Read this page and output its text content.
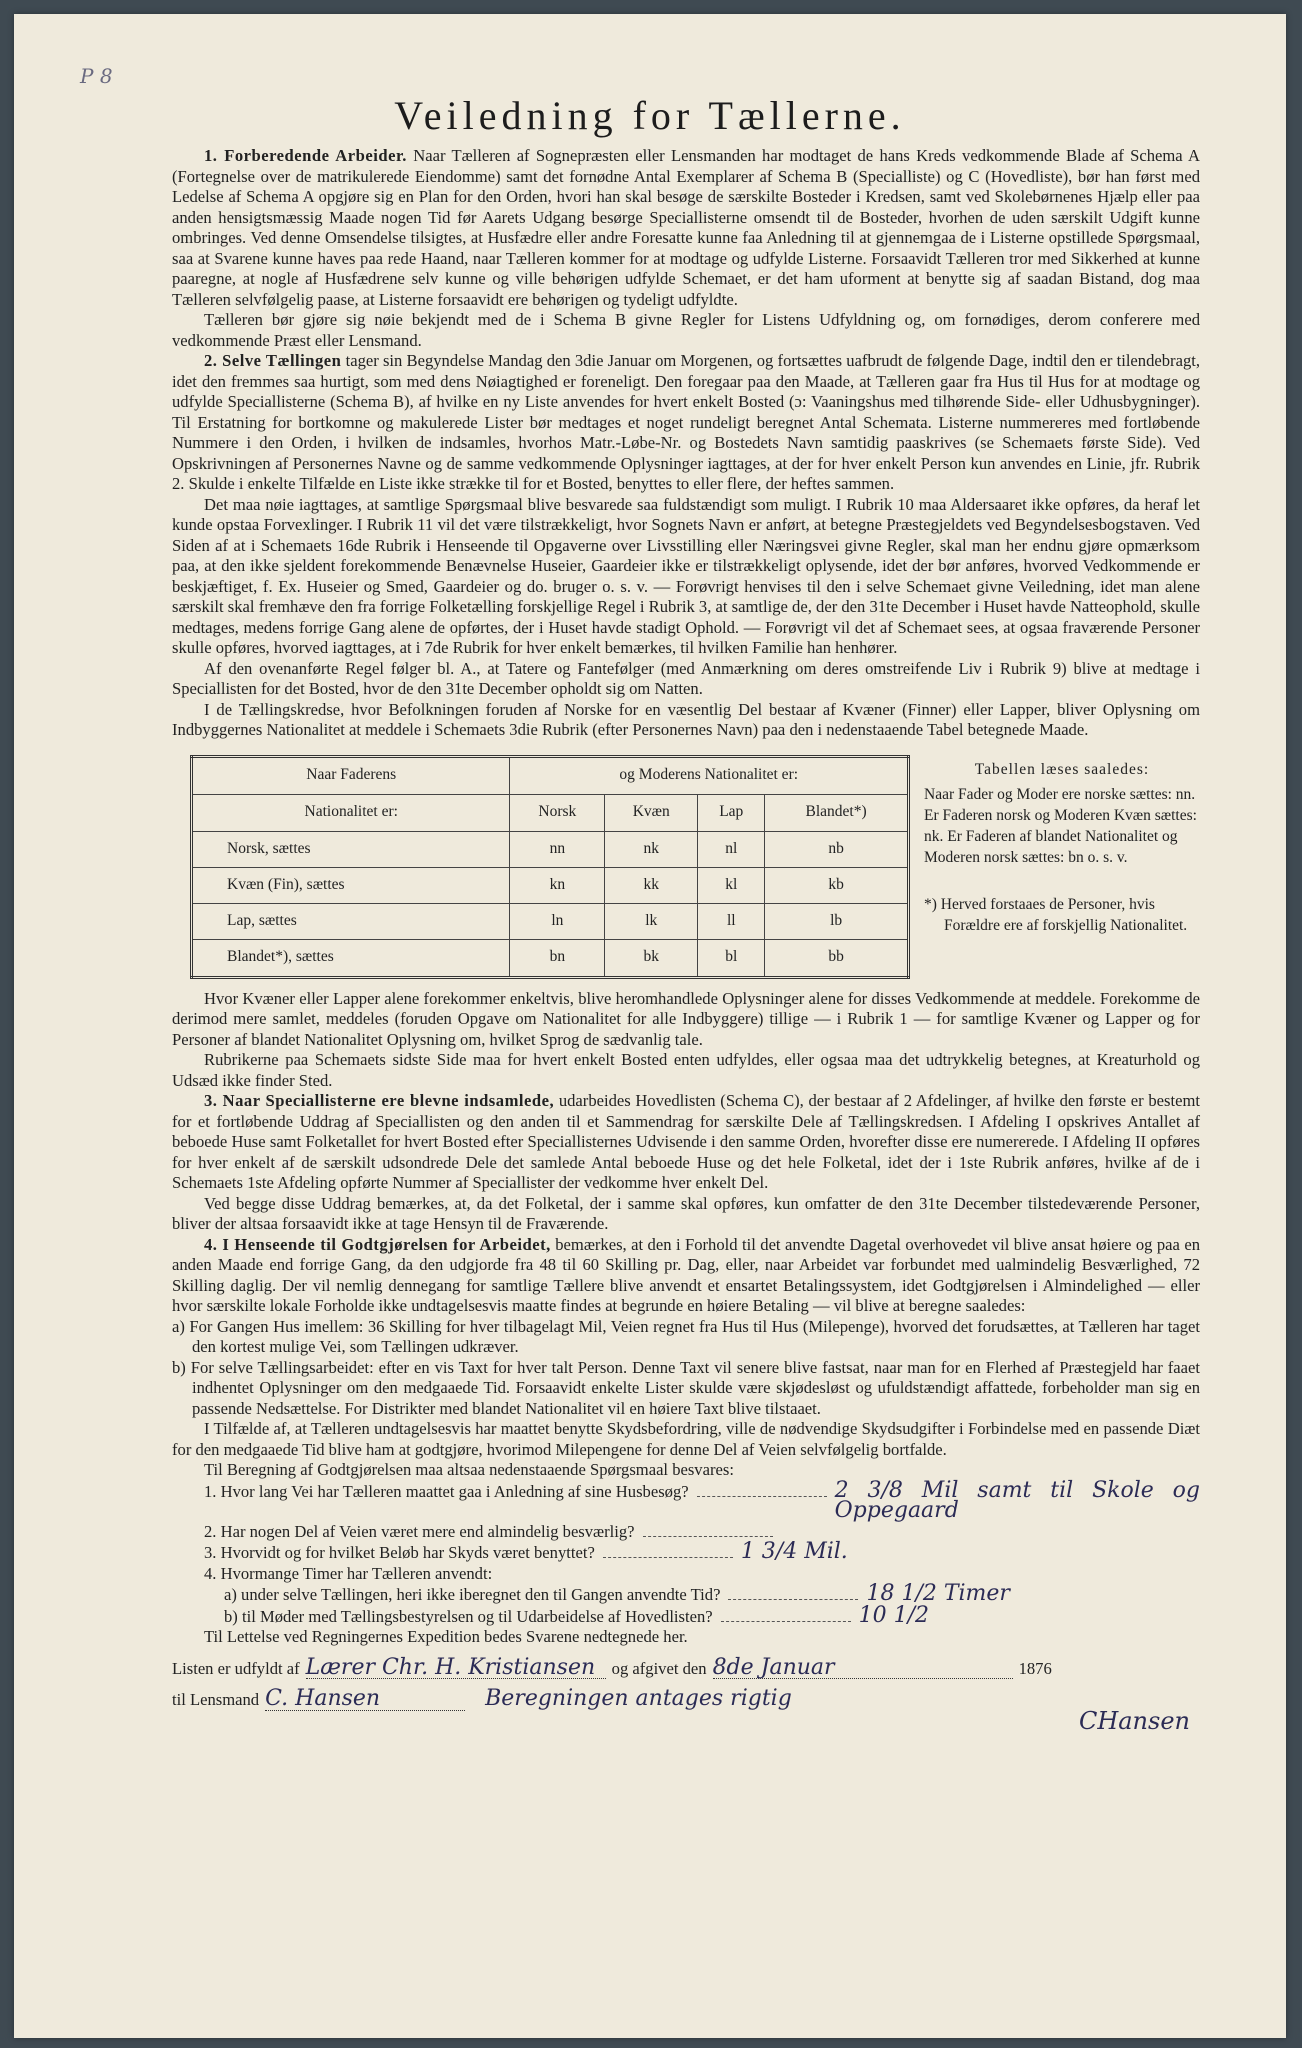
P 8
Veiledning for Tællerne.

1. Forberedende Arbeider. Naar Tælleren af Sognepræsten eller Lensmanden har modtaget de hans Kreds vedkommende Blade af Schema A (Fortegnelse over de matrikulerede Eiendomme) samt det fornødne Antal Exemplarer af Schema B (Specialliste) og C (Hovedliste), bør han først med Ledelse af Schema A opgjøre sig en Plan for den Orden, hvori han skal besøge de særskilte Bosteder i Kredsen, samt ved Skolebørnenes Hjælp eller paa anden hensigtsmæssig Maade nogen Tid før Aarets Udgang besørge Speciallisterne omsendt til de Bosteder, hvorhen de uden særskilt Udgift kunne ombringes. Ved denne Omsendelse tilsigtes, at Husfædre eller andre Foresatte kunne faa Anledning til at gjennemgaa de i Listerne opstillede Spørgsmaal, saa at Svarene kunne haves paa rede Haand, naar Tælleren kommer for at modtage og udfylde Listerne. Forsaavidt Tælleren tror med Sikkerhed at kunne paaregne, at nogle af Husfædrene selv kunne og ville behørigen udfylde Schemaet, er det ham uforment at benytte sig af saadan Bistand, dog maa Tælleren selvfølgelig paase, at Listerne forsaavidt ere behørigen og tydeligt udfyldte.

Tælleren bør gjøre sig nøie bekjendt med de i Schema B givne Regler for Listens Udfyldning og, om fornødiges, derom conferere med vedkommende Præst eller Lensmand.

2. Selve Tællingen tager sin Begyndelse Mandag den 3die Januar om Morgenen, og fortsættes uafbrudt de følgende Dage, indtil den er tilendebragt, idet den fremmes saa hurtigt, som med dens Nøiagtighed er foreneligt. Den foregaar paa den Maade, at Tælleren gaar fra Hus til Hus for at modtage og udfylde Speciallisterne (Schema B), af hvilke en ny Liste anvendes for hvert enkelt Bosted (ɔ: Vaaningshus med tilhørende Side- eller Udhusbygninger). Til Erstatning for bortkomne og makulerede Lister bør medtages et noget rundeligt beregnet Antal Schemata. Listerne nummereres med fortløbende Nummere i den Orden, i hvilken de indsamles, hvorhos Matr.-Løbe-Nr. og Bostedets Navn samtidig paaskrives (se Schemaets første Side). Ved Opskrivningen af Personernes Navne og de samme vedkommende Oplysninger iagttages, at der for hver enkelt Person kun anvendes en Linie, jfr. Rubrik 2. Skulde i enkelte Tilfælde en Liste ikke strække til for et Bosted, benyttes to eller flere, der heftes sammen.

Det maa nøie iagttages, at samtlige Spørgsmaal blive besvarede saa fuldstændigt som muligt. I Rubrik 10 maa Aldersaaret ikke opføres, da heraf let kunde opstaa Forvexlinger. I Rubrik 11 vil det være tilstrækkeligt, hvor Sognets Navn er anført, at betegne Præstegjeldets ved Begyndelsesbogstaven. Ved Siden af at i Schemaets 16de Rubrik i Henseende til Opgaverne over Livsstilling eller Næringsvei givne Regler, skal man her endnu gjøre opmærksom paa, at den ikke sjeldent forekommende Benævnelse Huseier, Gaardeier ikke er tilstrækkeligt oplysende, idet der bør anføres, hvorved Vedkommende er beskjæftiget, f. Ex. Huseier og Smed, Gaardeier og do. bruger o. s. v. — Forøvrigt henvises til den i selve Schemaet givne Veiledning, idet man alene særskilt skal fremhæve den fra forrige Folketælling forskjellige Regel i Rubrik 3, at samtlige de, der den 31te December i Huset havde Natteophold, skulle medtages, medens forrige Gang alene de opførtes, der i Huset havde stadigt Ophold. — Forøvrigt vil det af Schemaet sees, at ogsaa fraværende Personer skulle opføres, hvorved iagttages, at i 7de Rubrik for hver enkelt bemærkes, til hvilken Familie han henhører.

Af den ovenanførte Regel følger bl. A., at Tatere og Fantefølger (med Anmærkning om deres omstreifende Liv i Rubrik 9) blive at medtage i Speciallisten for det Bosted, hvor de den 31te December opholdt sig om Natten.

I de Tællingskredse, hvor Befolkningen foruden af Norske for en væsentlig Del bestaar af Kvæner (Finner) eller Lapper, bliver Oplysning om Indbyggernes Nationalitet at meddele i Schemaets 3die Rubrik (efter Personernes Navn) paa den i nedenstaaende Tabel betegnede Maade.

Naar Faderens	og Moderens Nationalitet er:			
Nationalitet er:	Norsk	Kvæn	Lap	Blandet*)
Norsk, sættes	nn	nk	nl	nb
Kvæn (Fin), sættes	kn	kk	kl	kb
Lap, sættes	ln	lk	ll	lb
Blandet*), sættes	bn	bk	bl	bb
Tabellen læses saaledes:
Naar Fader og Moder ere norske sættes: nn. Er Faderen norsk og Moderen Kvæn sættes: nk. Er Faderen af blandet Nationalitet og Moderen norsk sættes: bn o. s. v.
*) Herved forstaaes de Personer, hvis Forældre ere af forskjellig Nationalitet.

Hvor Kvæner eller Lapper alene forekommer enkeltvis, blive heromhandlede Oplysninger alene for disses Vedkommende at meddele. Forekomme de derimod mere samlet, meddeles (foruden Opgave om Nationalitet for alle Indbyggere) tillige — i Rubrik 1 — for samtlige Kvæner og Lapper og for Personer af blandet Nationalitet Oplysning om, hvilket Sprog de sædvanlig tale.

Rubrikerne paa Schemaets sidste Side maa for hvert enkelt Bosted enten udfyldes, eller ogsaa maa det udtrykkelig betegnes, at Kreaturhold og Udsæd ikke finder Sted.

3. Naar Speciallisterne ere blevne indsamlede, udarbeides Hovedlisten (Schema C), der bestaar af 2 Afdelinger, af hvilke den første er bestemt for et fortløbende Uddrag af Speciallisten og den anden til et Sammendrag for særskilte Dele af Tællingskredsen. I Afdeling I opskrives Antallet af beboede Huse samt Folketallet for hvert Bosted efter Speciallisternes Udvisende i den samme Orden, hvorefter disse ere numererede. I Afdeling II opføres for hver enkelt af de særskilt udsondrede Dele det samlede Antal beboede Huse og det hele Folketal, idet der i 1ste Rubrik anføres, hvilke af de i Schemaets 1ste Afdeling opførte Nummer af Speciallister der vedkomme hver enkelt Del.

Ved begge disse Uddrag bemærkes, at, da det Folketal, der i samme skal opføres, kun omfatter de den 31te December tilstedeværende Personer, bliver der altsaa forsaavidt ikke at tage Hensyn til de Fraværende.

4. I Henseende til Godtgjørelsen for Arbeidet, bemærkes, at den i Forhold til det anvendte Dagetal overhovedet vil blive ansat høiere og paa en anden Maade end forrige Gang, da den udgjorde fra 48 til 60 Skilling pr. Dag, eller, naar Arbeidet var forbundet med ualmindelig Besværlighed, 72 Skilling daglig. Der vil nemlig dennegang for samtlige Tællere blive anvendt et ensartet Betalingssystem, idet Godtgjørelsen i Almindelighed — eller hvor særskilte lokale Forholde ikke undtagelsesvis maatte findes at begrunde en høiere Betaling — vil blive at beregne saaledes:

a) For Gangen Hus imellem: 36 Skilling for hver tilbagelagt Mil, Veien regnet fra Hus til Hus (Milepenge), hvorved det forudsættes, at Tælleren har taget den kortest mulige Vei, som Tællingen udkræver.

b) For selve Tællingsarbeidet: efter en vis Taxt for hver talt Person. Denne Taxt vil senere blive fastsat, naar man for en Flerhed af Præstegjeld har faaet indhentet Oplysninger om den medgaaede Tid. Forsaavidt enkelte Lister skulde være skjødesløst og ufuldstændigt affattede, forbeholder man sig en passende Nedsættelse. For Distrikter med blandet Nationalitet vil en høiere Taxt blive tilstaaet.

I Tilfælde af, at Tælleren undtagelsesvis har maattet benytte Skydsbefordring, ville de nødvendige Skydsudgifter i Forbindelse med en passende Diæt for den medgaaede Tid blive ham at godtgjøre, hvorimod Milepengene for denne Del af Veien selvfølgelig bortfalde.

Til Beregning af Godtgjørelsen maa altsaa nedenstaaende Spørgsmaal besvares:

1. Hvor lang Vei har Tælleren maattet gaa i Anledning af sine Husbesøg?	2 3/8 Mil samt til Skole og Oppegaard
2. Har nogen Del af Veien været mere end almindelig besværlig?
3. Hvorvidt og for hvilket Beløb har Skyds været benyttet?	1 3/4 Mil.
4. Hvormange Timer har Tælleren anvendt:
a) under selve Tællingen, heri ikke iberegnet den til Gangen anvendte Tid?	18 1/2 Timer
b) til Møder med Tællingsbestyrelsen og til Udarbeidelse af Hovedlisten?	10 1/2

Til Lettelse ved Regningernes Expedition bedes Svarene nedtegnede her.

Listen er udfyldt af Lærer Chr. H. Kristiansen og afgivet den 8de Januar	1876
til Lensmand C. Hansen	Beregningen antages rigtig
CHansen
